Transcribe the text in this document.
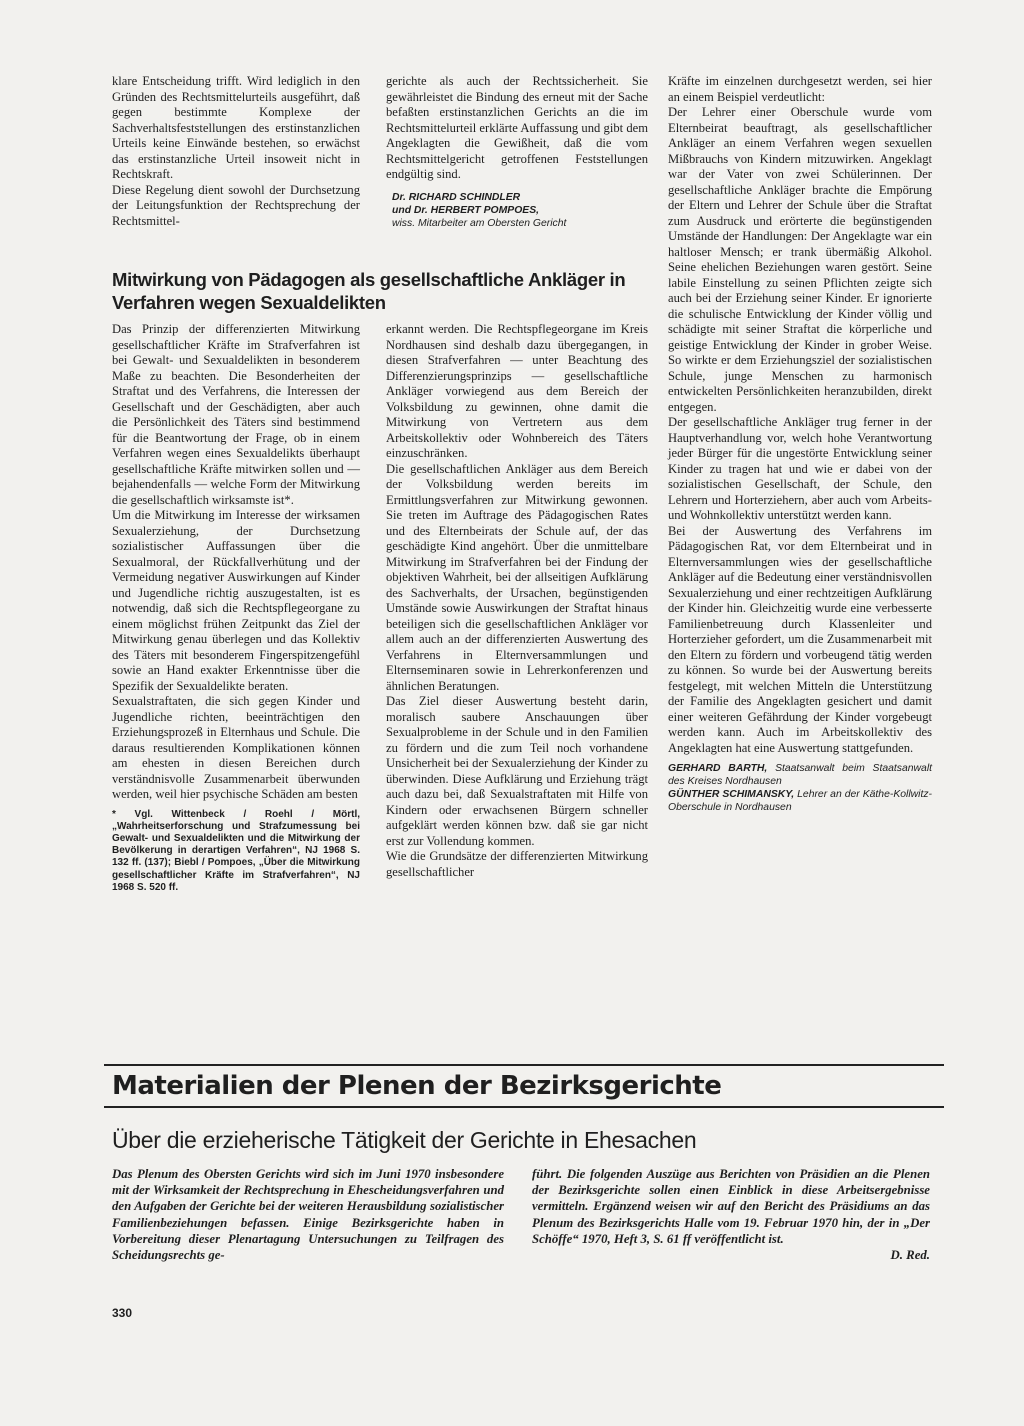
klare Entscheidung trifft. Wird lediglich in den Gründen des Rechtsmittelurteils ausgeführt, daß gegen bestimmte Komplexe der Sachverhaltsfeststellungen des erstinstanzlichen Urteils keine Einwände bestehen, so erwächst das erstinstanzliche Urteil insoweit nicht in Rechtskraft.

Diese Regelung dient sowohl der Durchsetzung der Leitungsfunktion der Rechtsprechung der Rechtsmittel-

gerichte als auch der Rechtssicherheit. Sie gewährleistet die Bindung des erneut mit der Sache befaßten erstinstanzlichen Gerichts an die im Rechtsmittelurteil erklärte Auffassung und gibt dem Angeklagten die Gewißheit, daß die vom Rechtsmittelgericht getroffenen Feststellungen endgültig sind.

Dr. RICHARD SCHINDLER
und Dr. HERBERT POMPOES,
wiss. Mitarbeiter am Obersten Gericht
Mitwirkung von Pädagogen als gesellschaftliche Ankläger in Verfahren wegen Sexualdelikten

Das Prinzip der differenzierten Mitwirkung gesellschaftlicher Kräfte im Strafverfahren ist bei Gewalt- und Sexualdelikten in besonderem Maße zu beachten. Die Besonderheiten der Straftat und des Verfahrens, die Interessen der Gesellschaft und der Geschädigten, aber auch die Persönlichkeit des Täters sind bestimmend für die Beantwortung der Frage, ob in einem Verfahren wegen eines Sexualdelikts überhaupt gesellschaftliche Kräfte mitwirken sollen und — bejahendenfalls — welche Form der Mitwirkung die gesellschaftlich wirksamste ist*.

Um die Mitwirkung im Interesse der wirksamen Sexualerziehung, der Durchsetzung sozialistischer Auffassungen über die Sexualmoral, der Rückfallverhütung und der Vermeidung negativer Auswirkungen auf Kinder und Jugendliche richtig auszugestalten, ist es notwendig, daß sich die Rechtspflegeorgane zu einem möglichst frühen Zeitpunkt das Ziel der Mitwirkung genau überlegen und das Kollektiv des Täters mit besonderem Fingerspitzengefühl sowie an Hand exakter Erkenntnisse über die Spezifik der Sexualdelikte beraten.

Sexualstraftaten, die sich gegen Kinder und Jugendliche richten, beeinträchtigen den Erziehungsprozeß in Elternhaus und Schule. Die daraus resultierenden Komplikationen können am ehesten in diesen Bereichen durch verständnisvolle Zusammenarbeit überwunden werden, weil hier psychische Schäden am besten

* Vgl. Wittenbeck / Roehl / Mörtl, „Wahrheitserforschung und Strafzumessung bei Gewalt- und Sexualdelikten und die Mitwirkung der Bevölkerung in derartigen Verfahren“, NJ 1968 S. 132 ff. (137); Biebl / Pompoes, „Über die Mitwirkung gesellschaftlicher Kräfte im Strafverfahren“, NJ 1968 S. 520 ff.

erkannt werden. Die Rechtspflegeorgane im Kreis Nordhausen sind deshalb dazu übergegangen, in diesen Strafverfahren — unter Beachtung des Differenzierungsprinzips — gesellschaftliche Ankläger vorwiegend aus dem Bereich der Volksbildung zu gewinnen, ohne damit die Mitwirkung von Vertretern aus dem Arbeitskollektiv oder Wohnbereich des Täters einzuschränken.

Die gesellschaftlichen Ankläger aus dem Bereich der Volksbildung werden bereits im Ermittlungsverfahren zur Mitwirkung gewonnen. Sie treten im Auftrage des Pädagogischen Rates und des Elternbeirats der Schule auf, der das geschädigte Kind angehört. Über die unmittelbare Mitwirkung im Strafverfahren bei der Findung der objektiven Wahrheit, bei der allseitigen Aufklärung des Sachverhalts, der Ursachen, begünstigenden Umstände sowie Auswirkungen der Straftat hinaus beteiligen sich die gesellschaftlichen Ankläger vor allem auch an der differenzierten Auswertung des Verfahrens in Elternversammlungen und Elternseminaren sowie in Lehrerkonferenzen und ähnlichen Beratungen.

Das Ziel dieser Auswertung besteht darin, moralisch saubere Anschauungen über Sexualprobleme in der Schule und in den Familien zu fördern und die zum Teil noch vorhandene Unsicherheit bei der Sexualerziehung der Kinder zu überwinden. Diese Aufklärung und Erziehung trägt auch dazu bei, daß Sexualstraftaten mit Hilfe von Kindern oder erwachsenen Bürgern schneller aufgeklärt werden können bzw. daß sie gar nicht erst zur Vollendung kommen.

Wie die Grundsätze der differenzierten Mitwirkung gesellschaftlicher

Kräfte im einzelnen durchgesetzt werden, sei hier an einem Beispiel verdeutlicht:

Der Lehrer einer Oberschule wurde vom Elternbeirat beauftragt, als gesellschaftlicher Ankläger an einem Verfahren wegen sexuellen Mißbrauchs von Kindern mitzuwirken. Angeklagt war der Vater von zwei Schülerinnen. Der gesellschaftliche Ankläger brachte die Empörung der Eltern und Lehrer der Schule über die Straftat zum Ausdruck und erörterte die begünstigenden Umstände der Handlungen: Der Angeklagte war ein haltloser Mensch; er trank übermäßig Alkohol. Seine ehelichen Beziehungen waren gestört. Seine labile Einstellung zu seinen Pflichten zeigte sich auch bei der Erziehung seiner Kinder. Er ignorierte die schulische Entwicklung der Kinder völlig und schädigte mit seiner Straftat die körperliche und geistige Entwicklung der Kinder in grober Weise. So wirkte er dem Erziehungsziel der sozialistischen Schule, junge Menschen zu harmonisch entwickelten Persönlichkeiten heranzubilden, direkt entgegen.

Der gesellschaftliche Ankläger trug ferner in der Hauptverhandlung vor, welch hohe Verantwortung jeder Bürger für die ungestörte Entwicklung seiner Kinder zu tragen hat und wie er dabei von der sozialistischen Gesellschaft, der Schule, den Lehrern und Horterziehern, aber auch vom Arbeits- und Wohnkollektiv unterstützt werden kann.

Bei der Auswertung des Verfahrens im Pädagogischen Rat, vor dem Elternbeirat und in Elternversammlungen wies der gesellschaftliche Ankläger auf die Bedeutung einer verständnisvollen Sexualerziehung und einer rechtzeitigen Aufklärung der Kinder hin. Gleichzeitig wurde eine verbesserte Familienbetreuung durch Klassenleiter und Horterzieher gefordert, um die Zusammenarbeit mit den Eltern zu fördern und vorbeugend tätig werden zu können. So wurde bei der Auswertung bereits festgelegt, mit welchen Mitteln die Unterstützung der Familie des Angeklagten gesichert und damit einer weiteren Gefährdung der Kinder vorgebeugt werden kann. Auch im Arbeitskollektiv des Angeklagten hat eine Auswertung stattgefunden.

GERHARD BARTH, Staatsanwalt beim Staatsanwalt des Kreises Nordhausen
GÜNTHER SCHIMANSKY, Lehrer an der Käthe-Kollwitz-Oberschule in Nordhausen
Materialien der Plenen der Bezirksgerichte
Über die erzieherische Tätigkeit der Gerichte in Ehesachen

Das Plenum des Obersten Gerichts wird sich im Juni 1970 insbesondere mit der Wirksamkeit der Rechtsprechung in Ehescheidungsverfahren und den Aufgaben der Gerichte bei der weiteren Herausbildung sozialistischer Familienbeziehungen befassen. Einige Bezirksgerichte haben in Vorbereitung dieser Plenartagung Untersuchungen zu Teilfragen des Scheidungsrechts ge-

führt. Die folgenden Auszüge aus Berichten von Präsidien an die Plenen der Bezirksgerichte sollen einen Einblick in diese Arbeitsergebnisse vermitteln. Ergänzend weisen wir auf den Bericht des Präsidiums an das Plenum des Bezirksgerichts Halle vom 19. Februar 1970 hin, der in „Der Schöffe“ 1970, Heft 3, S. 61 ff veröffentlicht ist.

D. Red.

330
